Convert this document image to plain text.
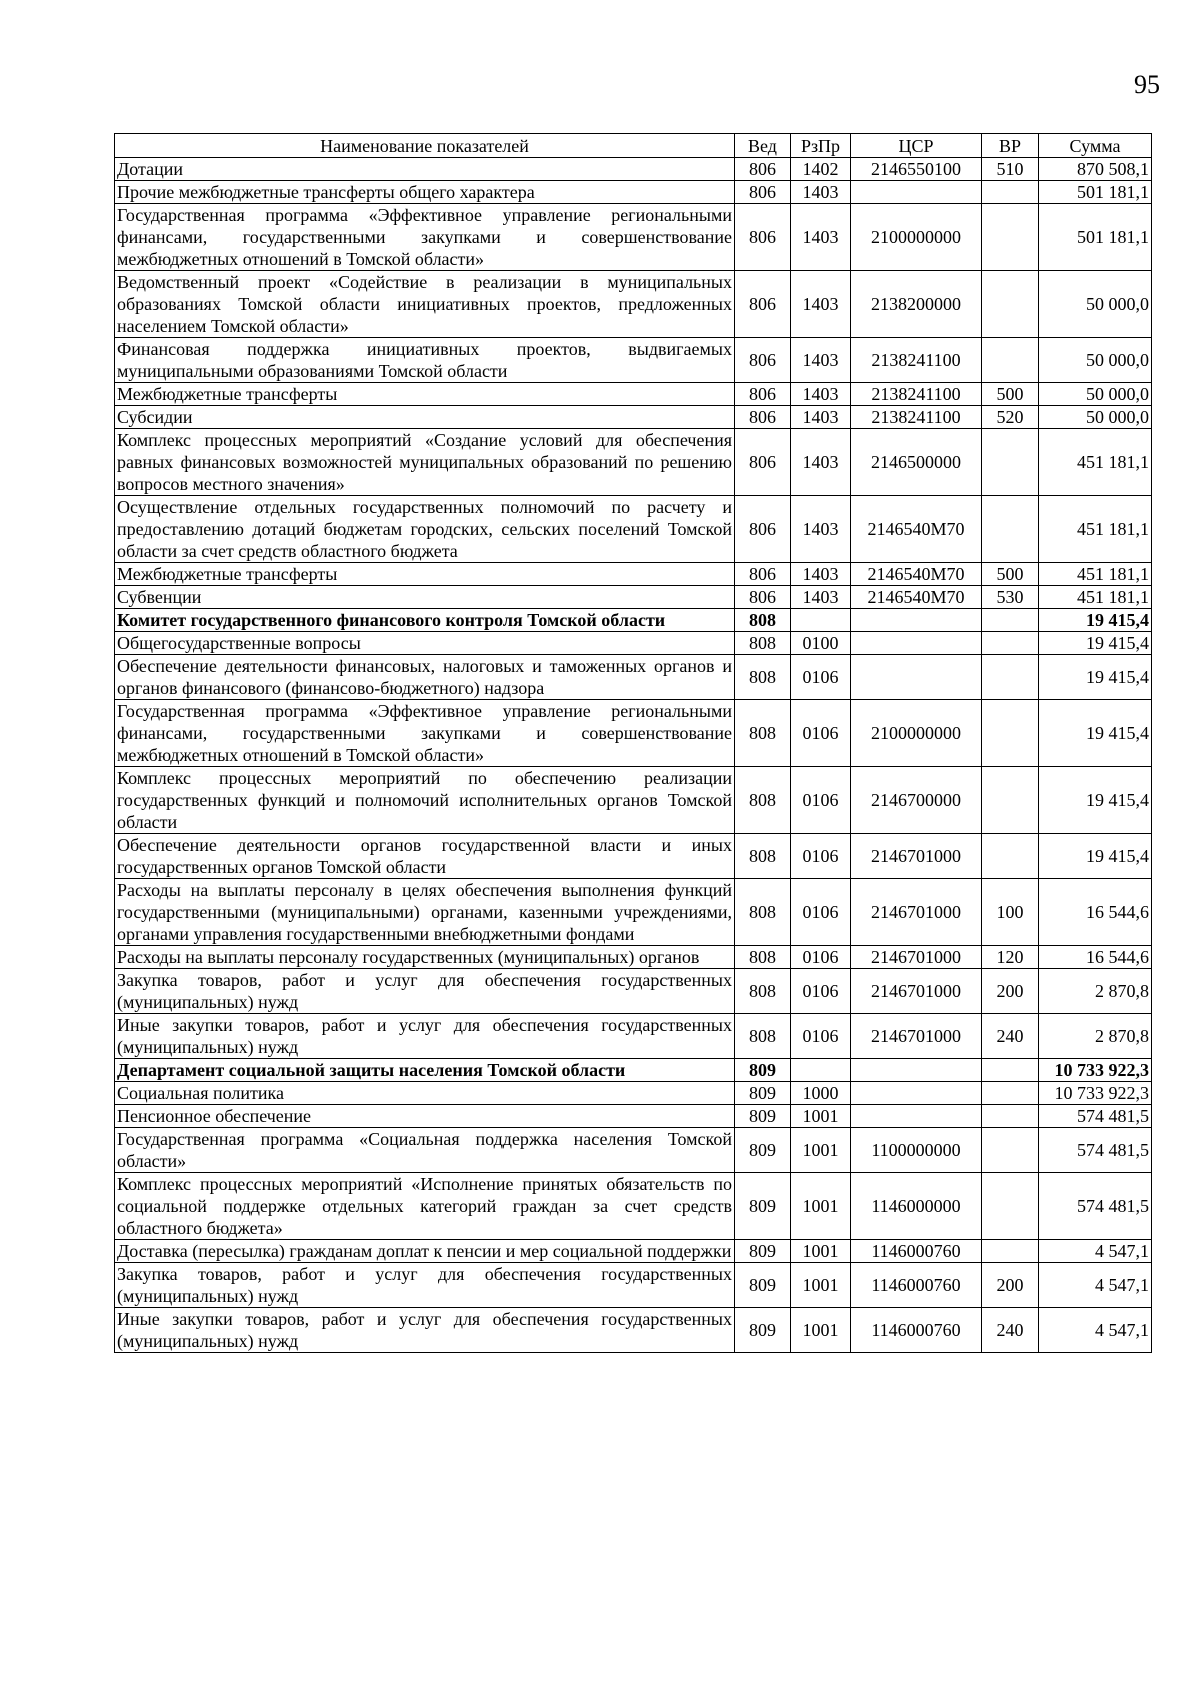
95
Наименование показателей	Вед	РзПр	ЦСР	ВР	Сумма
Дотации	806	1402	2146550100	510	870 508,1
Прочие межбюджетные трансферты общего характера	806	1403			501 181,1
Государственная программа «Эффективное управление региональными финансами, государственными закупками и совершенствование межбюджетных отношений в Томской области»	806	1403	2100000000		501 181,1
Ведомственный проект «Содействие в реализации в муниципальных образованиях Томской области инициативных проектов, предложенных населением Томской области»	806	1403	2138200000		50 000,0
Финансовая поддержка инициативных проектов, выдвигаемых муниципальными образованиями Томской области	806	1403	2138241100		50 000,0
Межбюджетные трансферты	806	1403	2138241100	500	50 000,0
Субсидии	806	1403	2138241100	520	50 000,0
Комплекс процессных мероприятий «Создание условий для обеспечения равных финансовых возможностей муниципальных образований по решению вопросов местного значения»	806	1403	2146500000		451 181,1
Осуществление отдельных государственных полномочий по расчету и предоставлению дотаций бюджетам городских, сельских поселений Томской области за счет средств областного бюджета	806	1403	2146540М70		451 181,1
Межбюджетные трансферты	806	1403	2146540М70	500	451 181,1
Субвенции	806	1403	2146540М70	530	451 181,1
Комитет государственного финансового контроля Томской области	808				19 415,4
Общегосударственные вопросы	808	0100			19 415,4
Обеспечение деятельности финансовых, налоговых и таможенных органов и органов финансового (финансово-бюджетного) надзора	808	0106			19 415,4
Государственная программа «Эффективное управление региональными финансами, государственными закупками и совершенствование межбюджетных отношений в Томской области»	808	0106	2100000000		19 415,4
Комплекс процессных мероприятий по обеспечению реализации государственных функций и полномочий исполнительных органов Томской области	808	0106	2146700000		19 415,4
Обеспечение деятельности органов государственной власти и иных государственных органов Томской области	808	0106	2146701000		19 415,4
Расходы на выплаты персоналу в целях обеспечения выполнения функций государственными (муниципальными) органами, казенными учреждениями, органами управления государственными внебюджетными фондами	808	0106	2146701000	100	16 544,6
Расходы на выплаты персоналу государственных (муниципальных) органов	808	0106	2146701000	120	16 544,6
Закупка товаров, работ и услуг для обеспечения государственных (муниципальных) нужд	808	0106	2146701000	200	2 870,8
Иные закупки товаров, работ и услуг для обеспечения государственных (муниципальных) нужд	808	0106	2146701000	240	2 870,8
Департамент социальной защиты населения Томской области	809				10 733 922,3
Социальная политика	809	1000			10 733 922,3
Пенсионное обеспечение	809	1001			574 481,5
Государственная программа «Социальная поддержка населения Томской области»	809	1001	1100000000		574 481,5
Комплекс процессных мероприятий «Исполнение принятых обязательств по социальной поддержке отдельных категорий граждан за счет средств областного бюджета»	809	1001	1146000000		574 481,5
Доставка (пересылка) гражданам доплат к пенсии и мер социальной поддержки	809	1001	1146000760		4 547,1
Закупка товаров, работ и услуг для обеспечения государственных (муниципальных) нужд	809	1001	1146000760	200	4 547,1
Иные закупки товаров, работ и услуг для обеспечения государственных (муниципальных) нужд	809	1001	1146000760	240	4 547,1
